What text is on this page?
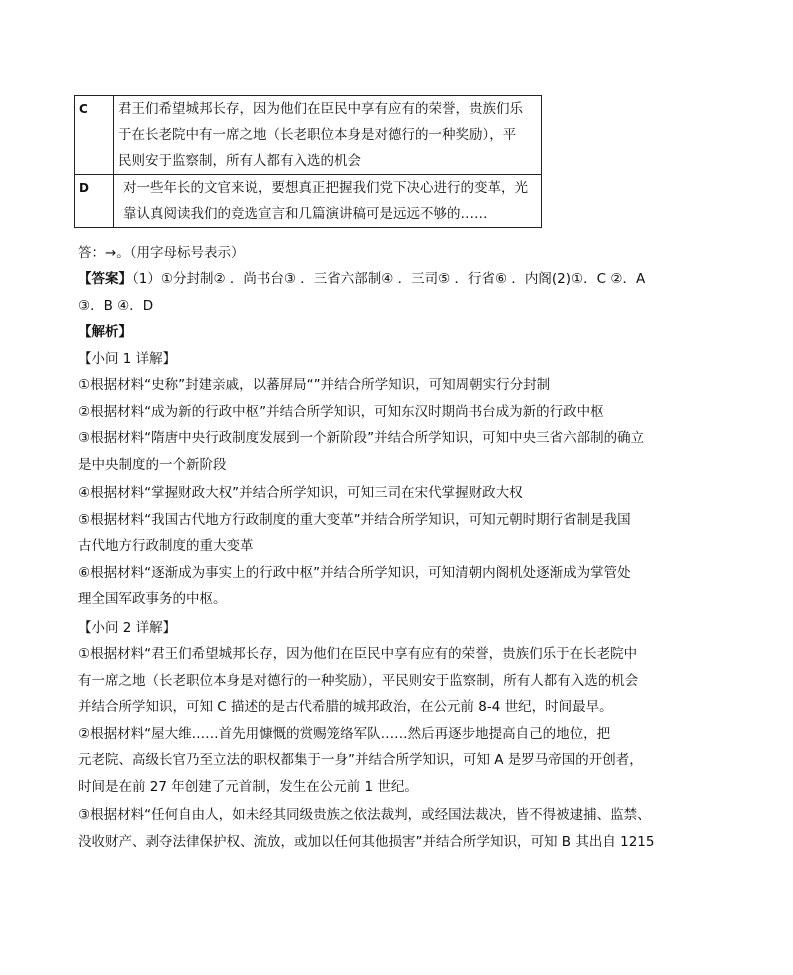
C	君王们希望城邦长存，因为他们在臣民中享有应有的荣誉，贵族们乐
于在长老院中有一席之地（长老职位本身是对德行的一种奖励），平
民则安于监察制，所有人都有入选的机会

D	对一些年长的文官来说，要想真正把握我们党下决心进行的变革，光
靠认真阅读我们的竞选宣言和几篇演讲稿可是远远不够的……
答：→。（用字母标号表示）

【答案】（1）①分封制② ．尚书台③ ．三省六部制④ ．三司⑤ ．行省⑥ ．内阁(2)①．C ②．A

③．B ④．D

【解析】

【小问 1 详解】

①根据材料“史称”封建亲戚，以蕃屏局“”并结合所学知识，可知周朝实行分封制

②根据材料“成为新的行政中枢”并结合所学知识，可知东汉时期尚书台成为新的行政中枢

③根据材料“隋唐中央行政制度发展到一个新阶段”并结合所学知识，可知中央三省六部制的确立

是中央制度的一个新阶段

④根据材料“掌握财政大权”并结合所学知识，可知三司在宋代掌握财政大权

⑤根据材料“我国古代地方行政制度的重大变革”并结合所学知识，可知元朝时期行省制是我国

古代地方行政制度的重大变革

⑥根据材料“逐渐成为事实上的行政中枢”并结合所学知识，可知清朝内阁机处逐渐成为掌管处

理全国军政事务的中枢。

【小问 2 详解】

①根据材料“君王们希望城邦长存，因为他们在臣民中享有应有的荣誉，贵族们乐于在长老院中

有一席之地（长老职位本身是对德行的一种奖励），平民则安于监察制，所有人都有入选的机会

并结合所学知识，可知 C 描述的是古代希腊的城邦政治，在公元前 8-4 世纪，时间最早。

②根据材料“屋大维……首先用慷慨的赏赐笼络军队……然后再逐步地提高自己的地位，把

元老院、高级长官乃至立法的职权都集于一身”并结合所学知识，可知 A 是罗马帝国的开创者，

时间是在前 27 年创建了元首制，发生在公元前 1 世纪。

③根据材料“任何自由人，如未经其同级贵族之依法裁判，或经国法裁决，皆不得被逮捕、监禁、

没收财产、剥夺法律保护权、流放，或加以任何其他损害”并结合所学知识，可知 B 其出自 1215
